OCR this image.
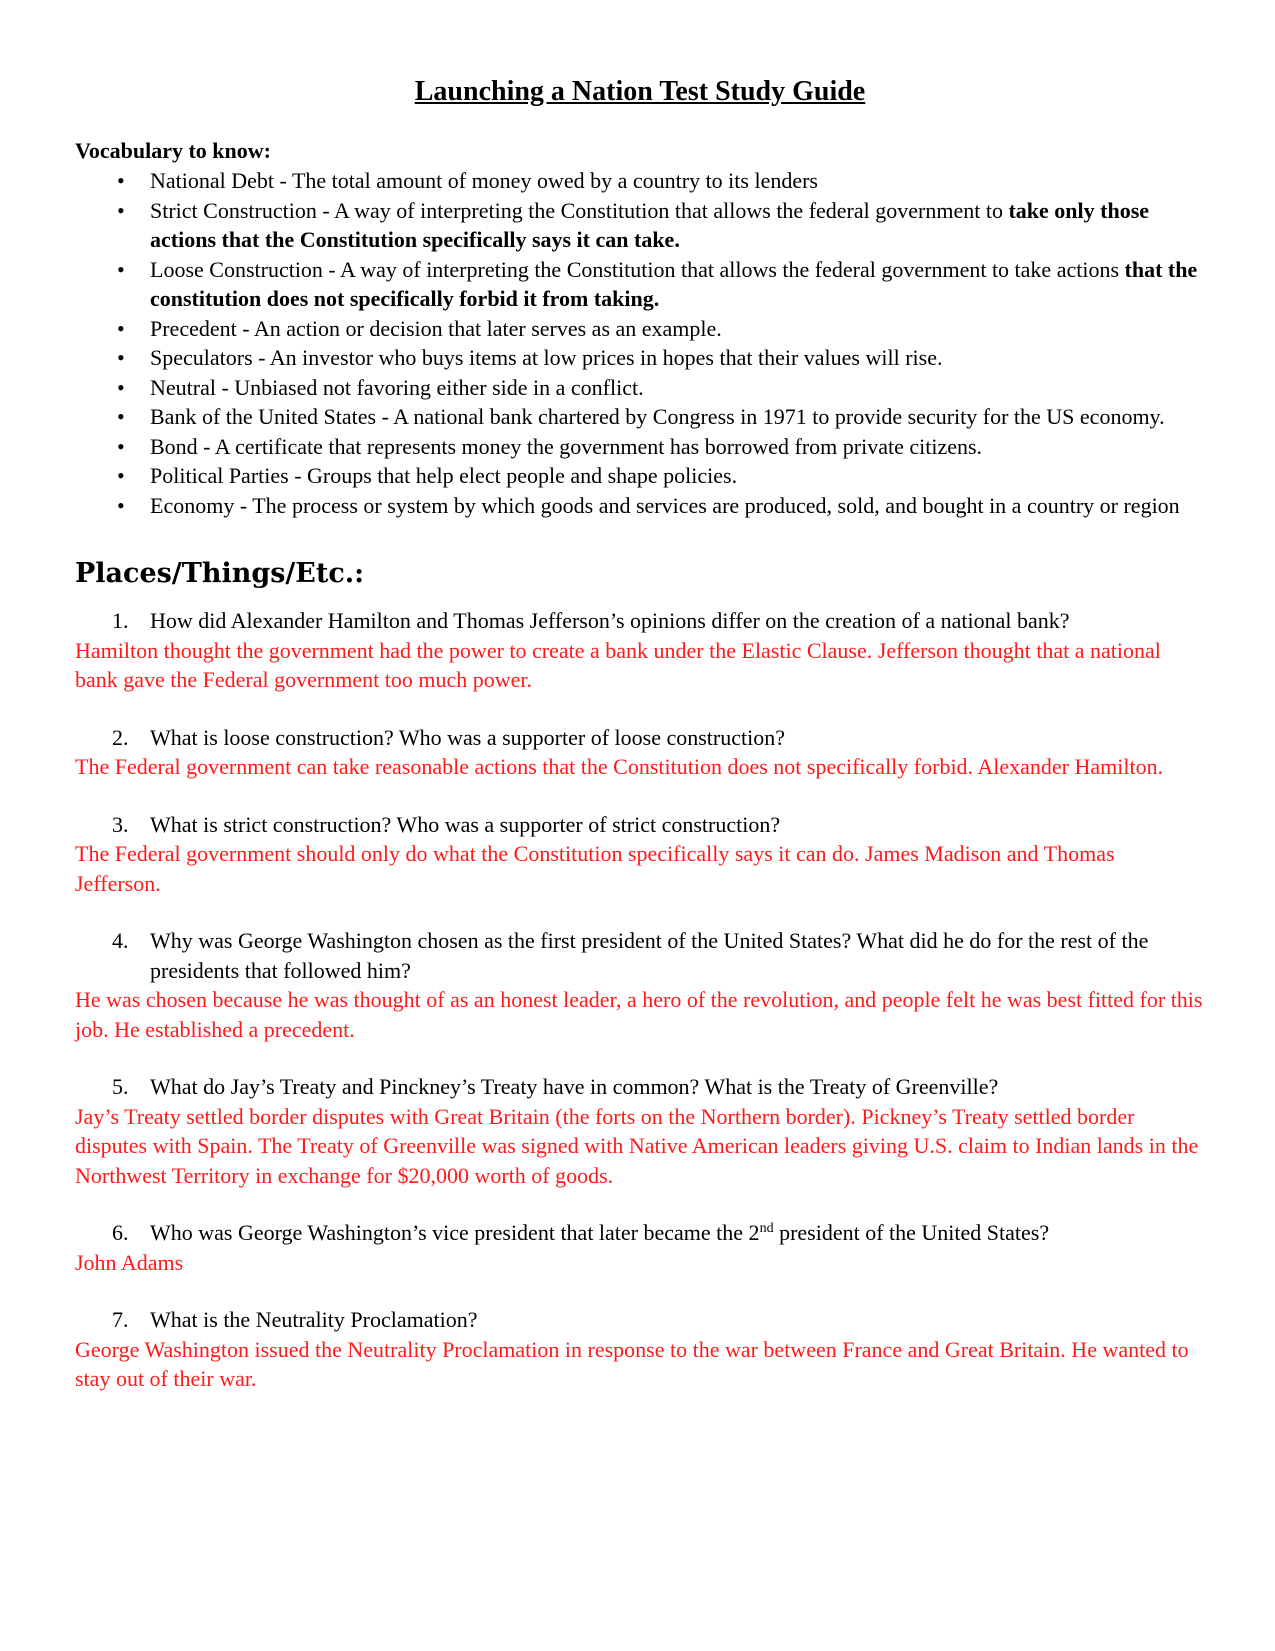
Launching a Nation Test Study Guide
Vocabulary to know:
• National Debt - The total amount of money owed by a country to its lenders
• Strict Construction - A way of interpreting the Constitution that allows the federal government to take only those actions that the Constitution specifically says it can take.
• Loose Construction - A way of interpreting the Constitution that allows the federal government to take actions that the constitution does not specifically forbid it from taking.
• Precedent - An action or decision that later serves as an example.
• Speculators - An investor who buys items at low prices in hopes that their values will rise.
• Neutral - Unbiased not favoring either side in a conflict.
• Bank of the United States - A national bank chartered by Congress in 1971 to provide security for the US economy.
• Bond - A certificate that represents money the government has borrowed from private citizens.
• Political Parties - Groups that help elect people and shape policies.
• Economy - The process or system by which goods and services are produced, sold, and bought in a country or region
Places/Things/Etc.:
1. How did Alexander Hamilton and Thomas Jefferson’s opinions differ on the creation of a national bank?
Hamilton thought the government had the power to create a bank under the Elastic Clause. Jefferson thought that a national bank gave the Federal government too much power.
2. What is loose construction? Who was a supporter of loose construction?
The Federal government can take reasonable actions that the Constitution does not specifically forbid. Alexander Hamilton.
3. What is strict construction? Who was a supporter of strict construction?
The Federal government should only do what the Constitution specifically says it can do. James Madison and Thomas Jefferson.
4. Why was George Washington chosen as the first president of the United States? What did he do for the rest of the presidents that followed him?
He was chosen because he was thought of as an honest leader, a hero of the revolution, and people felt he was best fitted for this job. He established a precedent.
5. What do Jay’s Treaty and Pinckney’s Treaty have in common? What is the Treaty of Greenville?
Jay’s Treaty settled border disputes with Great Britain (the forts on the Northern border). Pickney’s Treaty settled border disputes with Spain. The Treaty of Greenville was signed with Native American leaders giving U.S. claim to Indian lands in the Northwest Territory in exchange for $20,000 worth of goods.
6. Who was George Washington’s vice president that later became the 2nd president of the United States?
John Adams
7. What is the Neutrality Proclamation?
George Washington issued the Neutrality Proclamation in response to the war between France and Great Britain. He wanted to stay out of their war.
